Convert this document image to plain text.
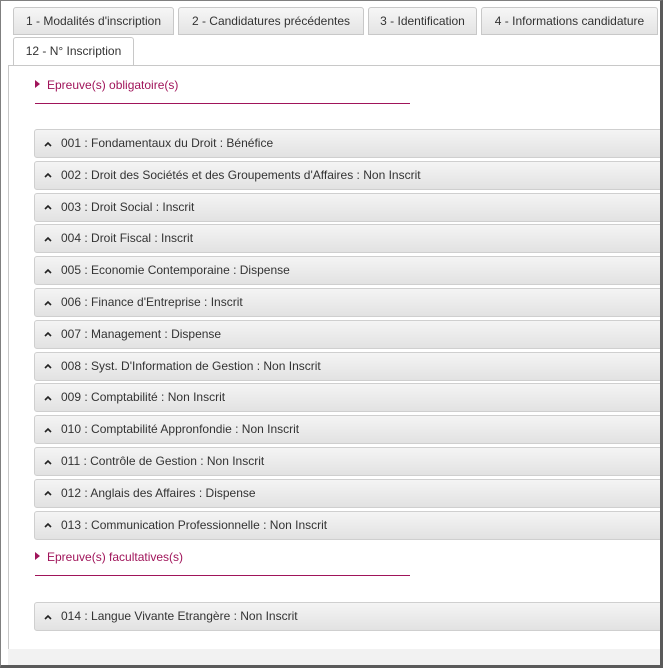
1 - Modalités d'inscription	2 - Candidatures précédentes	3 - Identification	4 - Informations candidature
12 - N° Inscription
Epreuve(s) obligatoire(s)
001 : Fondamentaux du Droit : Bénéfice
002 : Droit des Sociétés et des Groupements d'Affaires : Non Inscrit
003 : Droit Social : Inscrit
004 : Droit Fiscal : Inscrit
005 : Economie Contemporaine : Dispense
006 : Finance d'Entreprise : Inscrit
007 : Management : Dispense
008 : Syst. D'Information de Gestion : Non Inscrit
009 : Comptabilité : Non Inscrit
010 : Comptabilité Appronfondie : Non Inscrit
011 : Contrôle de Gestion : Non Inscrit
012 : Anglais des Affaires : Dispense
013 : Communication Professionnelle : Non Inscrit
Epreuve(s) facultatives(s)
014 : Langue Vivante Etrangère : Non Inscrit
